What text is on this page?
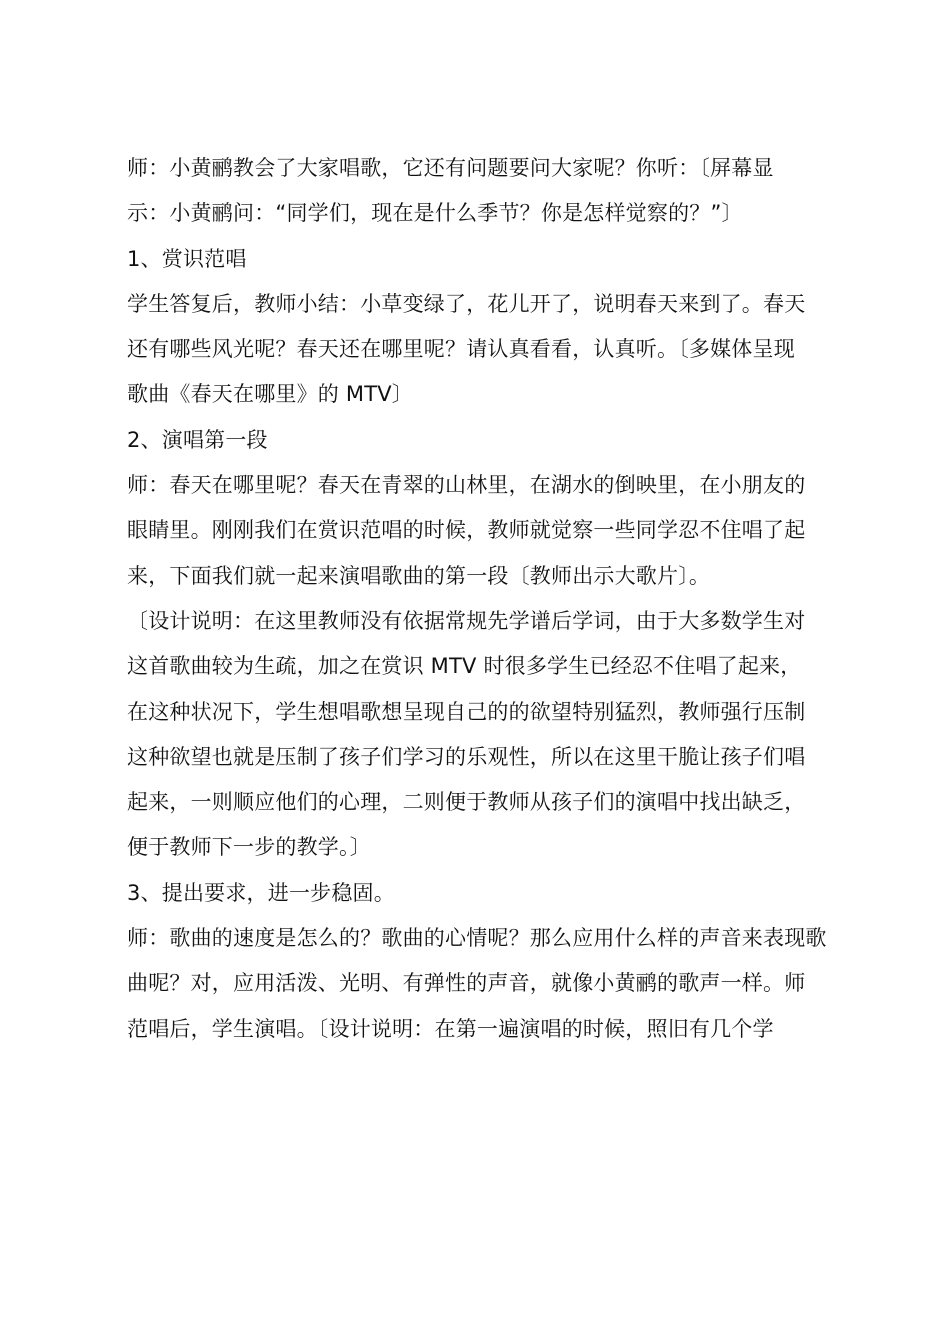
师：小黄鹂教会了大家唱歌，它还有问题要问大家呢？你听：〔屏幕显
示：小黄鹂问：“同学们，现在是什么季节？你是怎样觉察的？”〕
1、赏识范唱
学生答复后，教师小结：小草变绿了，花儿开了，说明春天来到了。春天
还有哪些风光呢？春天还在哪里呢？请认真看看，认真听。〔多媒体呈现
歌曲《春天在哪里》的 MTV〕
2、演唱第一段
师：春天在哪里呢？春天在青翠的山林里，在湖水的倒映里，在小朋友的
眼睛里。刚刚我们在赏识范唱的时候，教师就觉察一些同学忍不住唱了起
来，下面我们就一起来演唱歌曲的第一段〔教师出示大歌片〕。
〔设计说明：在这里教师没有依据常规先学谱后学词，由于大多数学生对
这首歌曲较为生疏，加之在赏识 MTV 时很多学生已经忍不住唱了起来，
在这种状况下，学生想唱歌想呈现自己的的欲望特别猛烈，教师强行压制
这种欲望也就是压制了孩子们学习的乐观性，所以在这里干脆让孩子们唱
起来，一则顺应他们的心理，二则便于教师从孩子们的演唱中找出缺乏，
便于教师下一步的教学。〕
3、提出要求，进一步稳固。
师：歌曲的速度是怎么的？歌曲的心情呢？那么应用什么样的声音来表现歌
曲呢？对，应用活泼、光明、有弹性的声音，就像小黄鹂的歌声一样。师
范唱后，学生演唱。〔设计说明：在第一遍演唱的时候，照旧有几个学
